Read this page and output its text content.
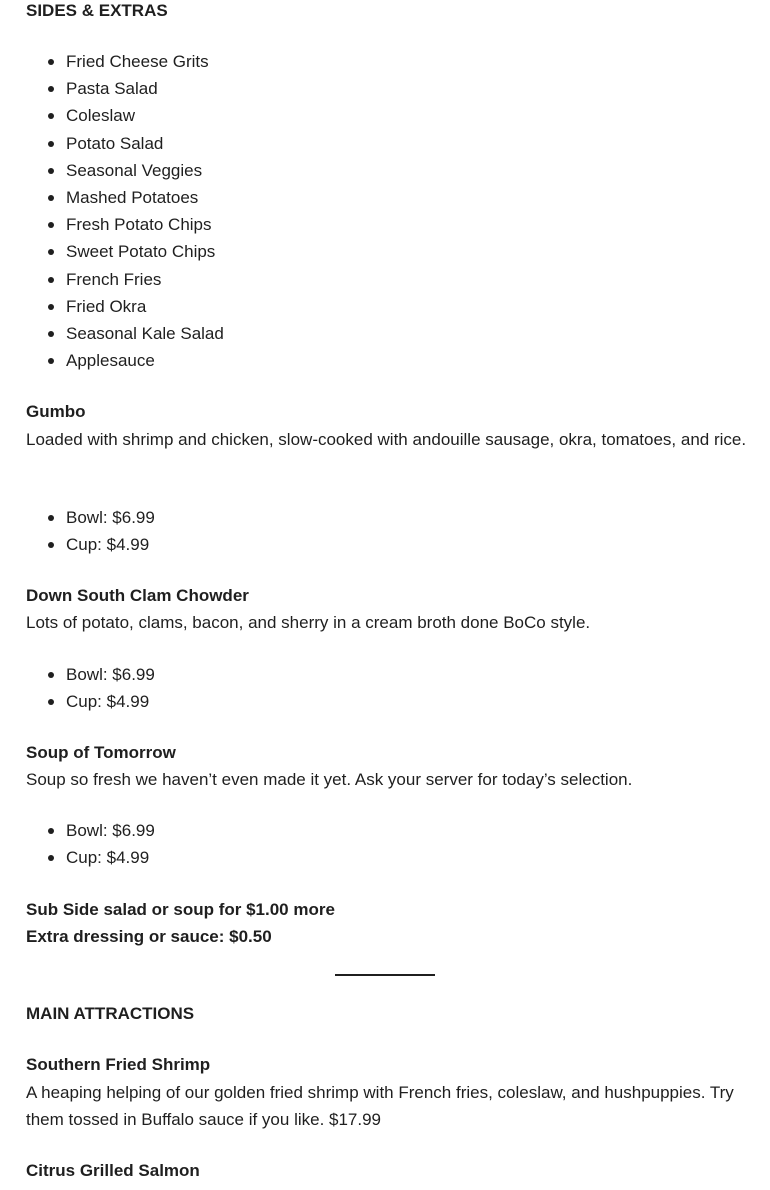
SIDES & EXTRAS
Fried Cheese Grits
Pasta Salad
Coleslaw
Potato Salad
Seasonal Veggies
Mashed Potatoes
Fresh Potato Chips
Sweet Potato Chips
French Fries
Fried Okra
Seasonal Kale Salad
Applesauce
Gumbo
Loaded with shrimp and chicken, slow-cooked with andouille sausage, okra, tomatoes, and rice.
Bowl: $6.99
Cup: $4.99
Down South Clam Chowder
Lots of potato, clams, bacon, and sherry in a cream broth done BoCo style.
Bowl: $6.99
Cup: $4.99
Soup of Tomorrow
Soup so fresh we haven’t even made it yet. Ask your server for today’s selection.
Bowl: $6.99
Cup: $4.99
Sub Side salad or soup for $1.00 more
Extra dressing or sauce: $0.50
MAIN ATTRACTIONS
Southern Fried Shrimp
A heaping helping of our golden fried shrimp with French fries, coleslaw, and hushpuppies. Try them tossed in Buffalo sauce if you like. $17.99
Citrus Grilled Salmon
